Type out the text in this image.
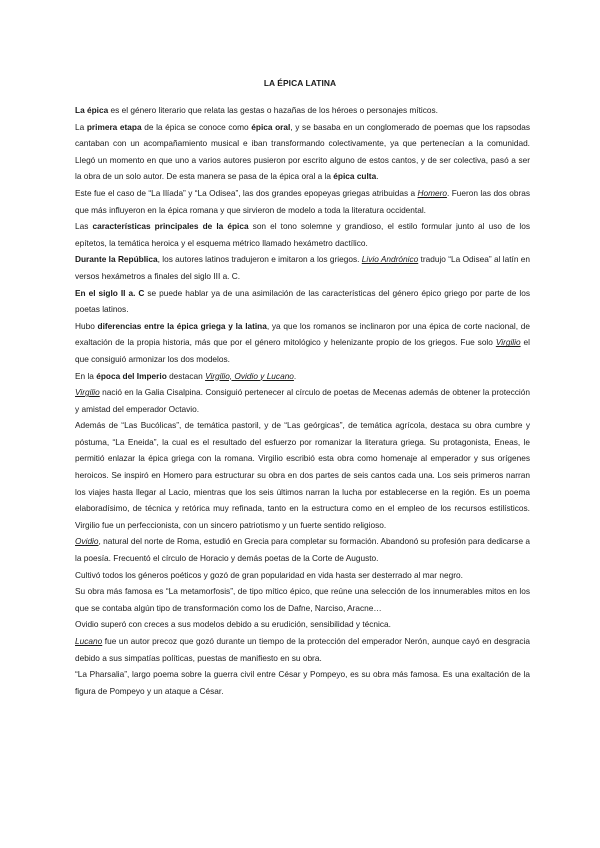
LA ÉPICA LATINA

La épica es el género literario que relata las gestas o hazañas de los héroes o personajes míticos.

La primera etapa de la épica se conoce como épica oral, y se basaba en un conglomerado de poemas que los rapsodas cantaban con un acompañamiento musical e iban transformando colectivamente, ya que pertenecían a la comunidad. Llegó un momento en que uno a varios autores pusieron por escrito alguno de estos cantos, y de ser colectiva, pasó a ser la obra de un solo autor. De esta manera se pasa de la épica oral a la épica culta.

Este fue el caso de “La Ilíada” y “La Odisea”, las dos grandes epopeyas griegas atribuidas a Homero. Fueron las dos obras que más influyeron en la épica romana y que sirvieron de modelo a toda la literatura occidental.

Las características principales de la épica son el tono solemne y grandioso, el estilo formular junto al uso de los epítetos, la temática heroica y el esquema métrico llamado hexámetro dactílico.

Durante la República, los autores latinos tradujeron e imitaron a los griegos. Livio Andrónico tradujo “La Odisea” al latín en versos hexámetros a finales del siglo III a. C.

En el siglo II a. C se puede hablar ya de una asimilación de las características del género épico griego por parte de los poetas latinos.

Hubo diferencias entre la épica griega y la latina, ya que los romanos se inclinaron por una épica de corte nacional, de exaltación de la propia historia, más que por el género mitológico y helenizante propio de los griegos. Fue solo Virgilio el que consiguió armonizar los dos modelos.

En la época del Imperio destacan Virgilio, Ovidio y Lucano.

Virgilio nació en la Galia Cisalpina. Consiguió pertenecer al círculo de poetas de Mecenas además de obtener la protección y amistad del emperador Octavio.

Además de “Las Bucólicas”, de temática pastoril, y de “Las geórgicas”, de temática agrícola, destaca su obra cumbre y póstuma, “La Eneida”, la cual es el resultado del esfuerzo por romanizar la literatura griega. Su protagonista, Eneas, le permitió enlazar la épica griega con la romana. Virgilio escribió esta obra como homenaje al emperador y sus orígenes heroicos. Se inspiró en Homero para estructurar su obra en dos partes de seis cantos cada una. Los seis primeros narran los viajes hasta llegar al Lacio, mientras que los seis últimos narran la lucha por establecerse en la región. Es un poema elaboradísimo, de técnica y retórica muy refinada, tanto en la estructura como en el empleo de los recursos estilísticos. Virgilio fue un perfeccionista, con un sincero patriotismo y un fuerte sentido religioso.

Ovidio, natural del norte de Roma, estudió en Grecia para completar su formación. Abandonó su profesión para dedicarse a la poesía. Frecuentó el círculo de Horacio y demás poetas de la Corte de Augusto.

Cultivó todos los géneros poéticos y gozó de gran popularidad en vida hasta ser desterrado al mar negro.

Su obra más famosa es “La metamorfosis”, de tipo mítico épico, que reúne una selección de los innumerables mitos en los que se contaba algún tipo de transformación como los de Dafne, Narciso, Aracne…

Ovidio superó con creces a sus modelos debido a su erudición, sensibilidad y técnica.

Lucano fue un autor precoz que gozó durante un tiempo de la protección del emperador Nerón, aunque cayó en desgracia debido a sus simpatías políticas, puestas de manifiesto en su obra.

“La Pharsalia”, largo poema sobre la guerra civil entre César y Pompeyo, es su obra más famosa. Es una exaltación de la figura de Pompeyo y un ataque a César.
